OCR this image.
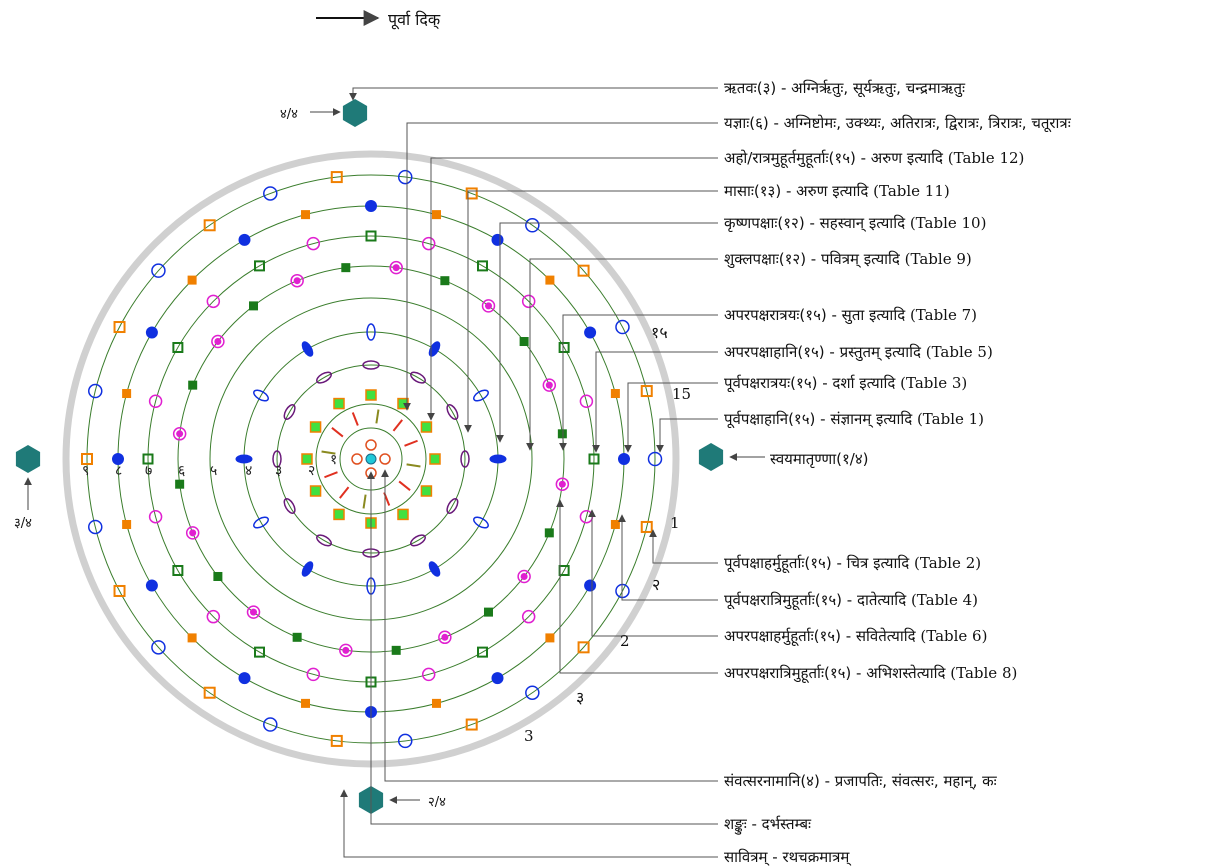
पूर्वा दिक्
१
२
३
४
५
६
७
८
९
४/४
३/४
स्वयमातृण्णा(१/४)
२/४
ऋतवः(३) - अग्निरृतुः, सूर्यऋतुः, चन्द्रमाऋतुः
यज्ञाः(६) - अग्निष्टोमः, उक्थ्यः, अतिरात्रः, द्विरात्रः, त्रिरात्रः, चतूरात्रः
अहो/रात्रमुहूर्तमुहूर्ताः(१५) - अरुण इत्यादि (Table 12)
मासाः(१३) - अरुण इत्यादि (Table 11)
कृष्णपक्षाः(१२) - सहस्वान् इत्यादि (Table 10)
शुक्लपक्षाः(१२) - पवित्रम् इत्यादि (Table 9)
अपरपक्षरात्रयः(१५) - सुता इत्यादि (Table 7)
अपरपक्षाहानि(१५) - प्रस्तुतम् इत्यादि (Table 5)
पूर्वपक्षरात्रयः(१५) - दर्शा इत्यादि (Table 3)
पूर्वपक्षाहानि(१५) - संज्ञानम् इत्यादि (Table 1)
पूर्वपक्षाहर्मुहूर्ताः(१५) - चित्र इत्यादि (Table 2)
पूर्वपक्षरात्रिमुहूर्ताः(१५) - दातेत्यादि (Table 4)
अपरपक्षाहर्मुहूर्ताः(१५) - सवितेत्यादि (Table 6)
अपरपक्षरात्रिमुहूर्ताः(१५) - अभिशस्तेत्यादि (Table 8)
संवत्सरनामानि(४) - प्रजापतिः, संवत्सरः, महान्, कः
शङ्कुः - दर्भस्तम्बः
सावित्रम् - रथचक्रमात्रम्
१५
15
1
२
2
३
3
